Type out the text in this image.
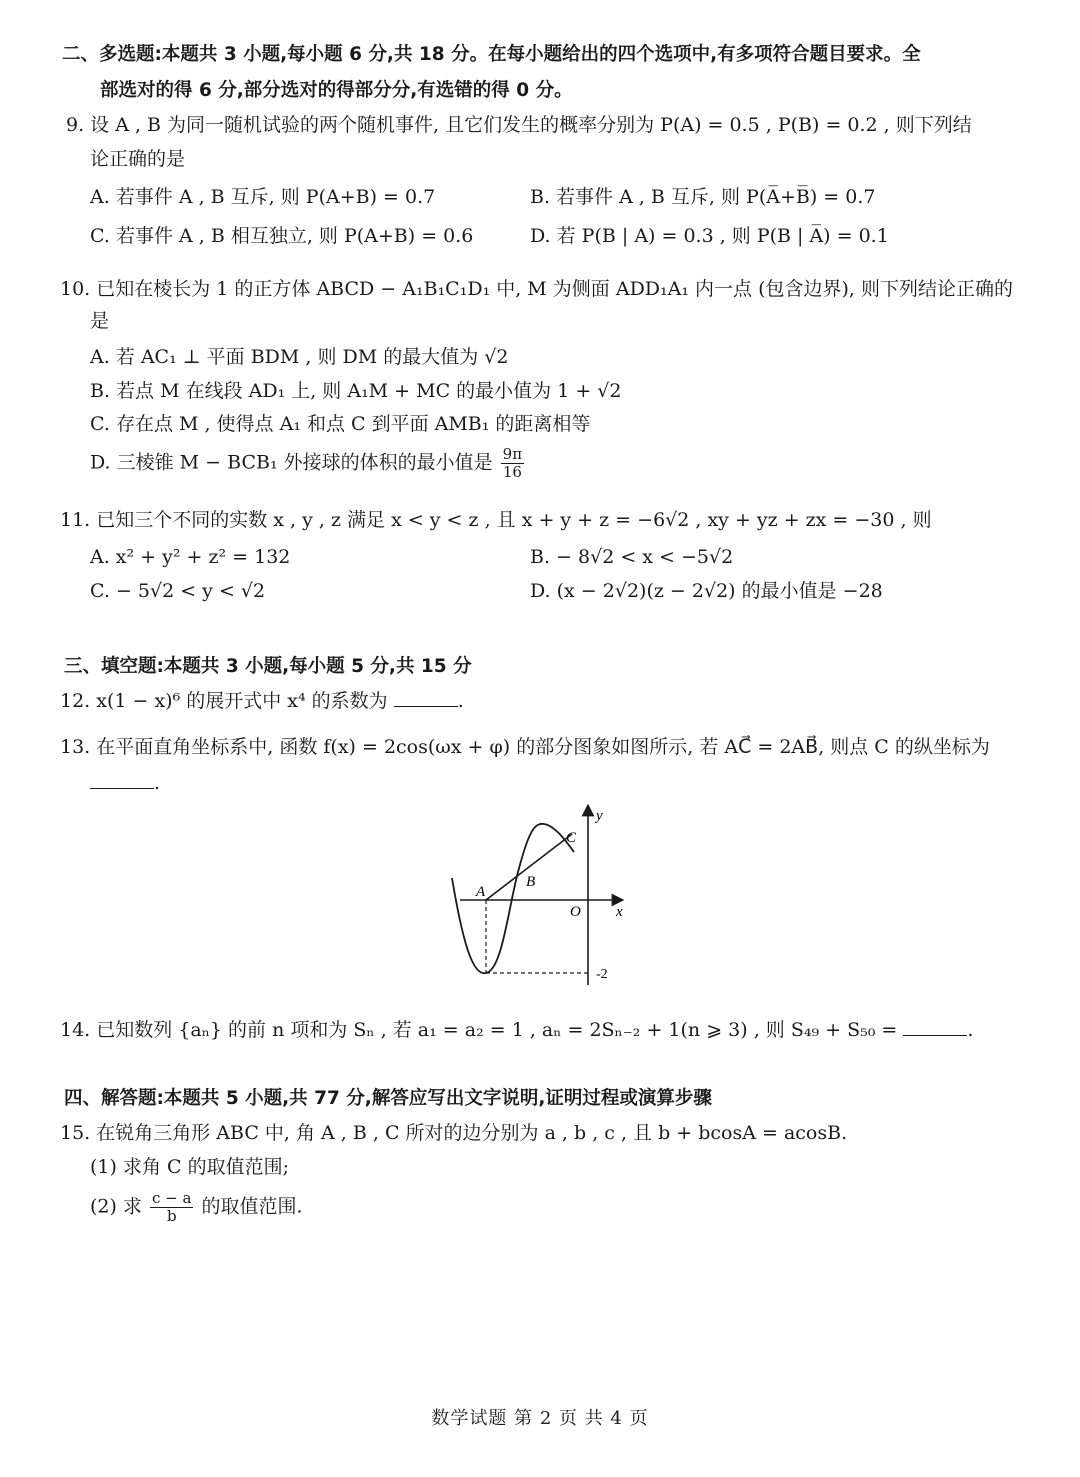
二、多选题:本题共 3 小题,每小题 6 分,共 18 分。在每小题给出的四个选项中,有多项符合题目要求。全
部选对的得 6 分,部分选对的得部分分,有选错的得 0 分。
9. 设 A , B 为同一随机试验的两个随机事件, 且它们发生的概率分别为 P(A) = 0.5 , P(B) = 0.2 , 则下列结
论正确的是
A. 若事件 A , B 互斥, 则 P(A+B) = 0.7	B. 若事件 A , B 互斥, 则 P(A̅+B̅) = 0.7
C. 若事件 A , B 相互独立, 则 P(A+B) = 0.6	D. 若 P(B | A) = 0.3 , 则 P(B | A̅) = 0.1
10. 已知在棱长为 1 的正方体 ABCD − A₁B₁C₁D₁ 中, M 为侧面 ADD₁A₁ 内一点 (包含边界), 则下列结论正确的
是
A. 若 AC₁ ⊥ 平面 BDM , 则 DM 的最大值为 √2
B. 若点 M 在线段 AD₁ 上, 则 A₁M + MC 的最小值为 1 + √2
C. 存在点 M , 使得点 A₁ 和点 C 到平面 AMB₁ 的距离相等
D. 三棱锥 M − BCB₁ 外接球的体积的最小值是 $\frac{9\pi}{16}$
11. 已知三个不同的实数 x , y , z 满足 x < y < z , 且 x + y + z = −6√2 , xy + yz + zx = −30 , 则
A. x² + y² + z² = 132	B. − 8√2 < x < −5√2
C. − 5√2 < y < √2	D. (x − 2√2)(z − 2√2) 的最小值是 −28
三、填空题:本题共 3 小题,每小题 5 分,共 15 分
12. x(1 − x)⁶ 的展开式中 x⁴ 的系数为	.
13. 在平面直角坐标系中, 函数 f(x) = 2cos(ωx + φ) 的部分图象如图所示, 若 AC⃗ = 2AB⃗, 则点 C 的纵坐标为
.
y
x
O
A
B
C
-2
14. 已知数列 {aₙ} 的前 n 项和为 Sₙ , 若 a₁ = a₂ = 1 , aₙ = 2Sₙ₋₂ + 1(n ⩾ 3) , 则 S₄₉ + S₅₀ =	.
四、解答题:本题共 5 小题,共 77 分,解答应写出文字说明,证明过程或演算步骤
15. 在锐角三角形 ABC 中, 角 A , B , C 所对的边分别为 a , b , c , 且 b + bcosA = acosB.
(1) 求角 C 的取值范围;
(2) 求 $\frac{c - a}{b}$ 的取值范围.
数学试题 第 2 页 共 4 页
